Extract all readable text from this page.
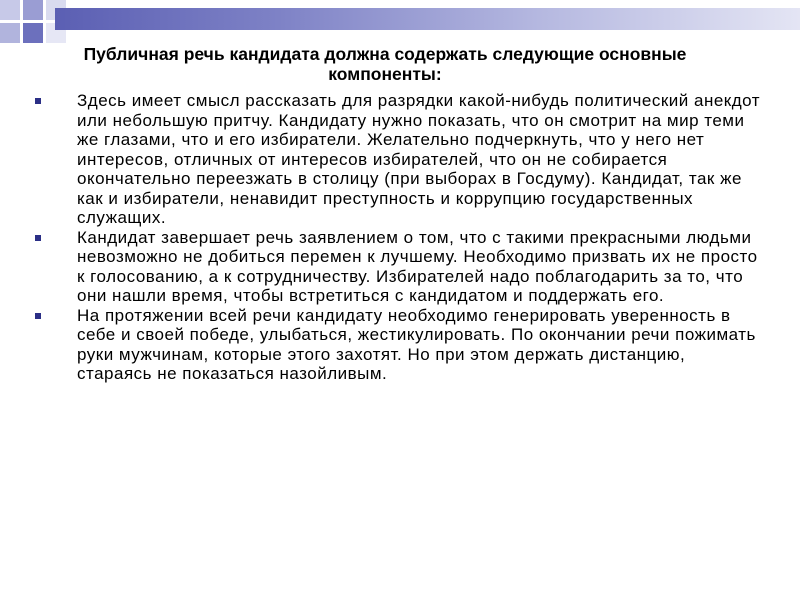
Публичная речь кандидата должна содержать следующие основные компоненты:
Здесь имеет смысл рассказать для разрядки какой-нибудь политический анекдот или небольшую притчу. Кандидату нужно показать, что он смотрит на мир теми же глазами, что и его избиратели. Желательно подчеркнуть, что у него нет интересов, отличных от интересов избирателей, что он не собирается окончательно переезжать в столицу (при выборах в Госдуму). Кандидат, так же как и избиратели, ненавидит преступность и коррупцию государственных служащих.
Кандидат завершает речь заявлением о том, что с такими прекрасными людьми невозможно не добиться перемен к лучшему. Необходимо призвать их не просто к голосованию, а к сотрудничеству. Избирателей надо поблагодарить за то, что они нашли время, чтобы встретиться с кандидатом и поддержать его.
На протяжении всей речи кандидату необходимо генерировать уверенность в себе и своей победе, улыбаться, жестикулировать. По окончании речи пожимать руки мужчинам, которые этого захотят. Но при этом держать дистанцию, стараясь не показаться назойливым.
